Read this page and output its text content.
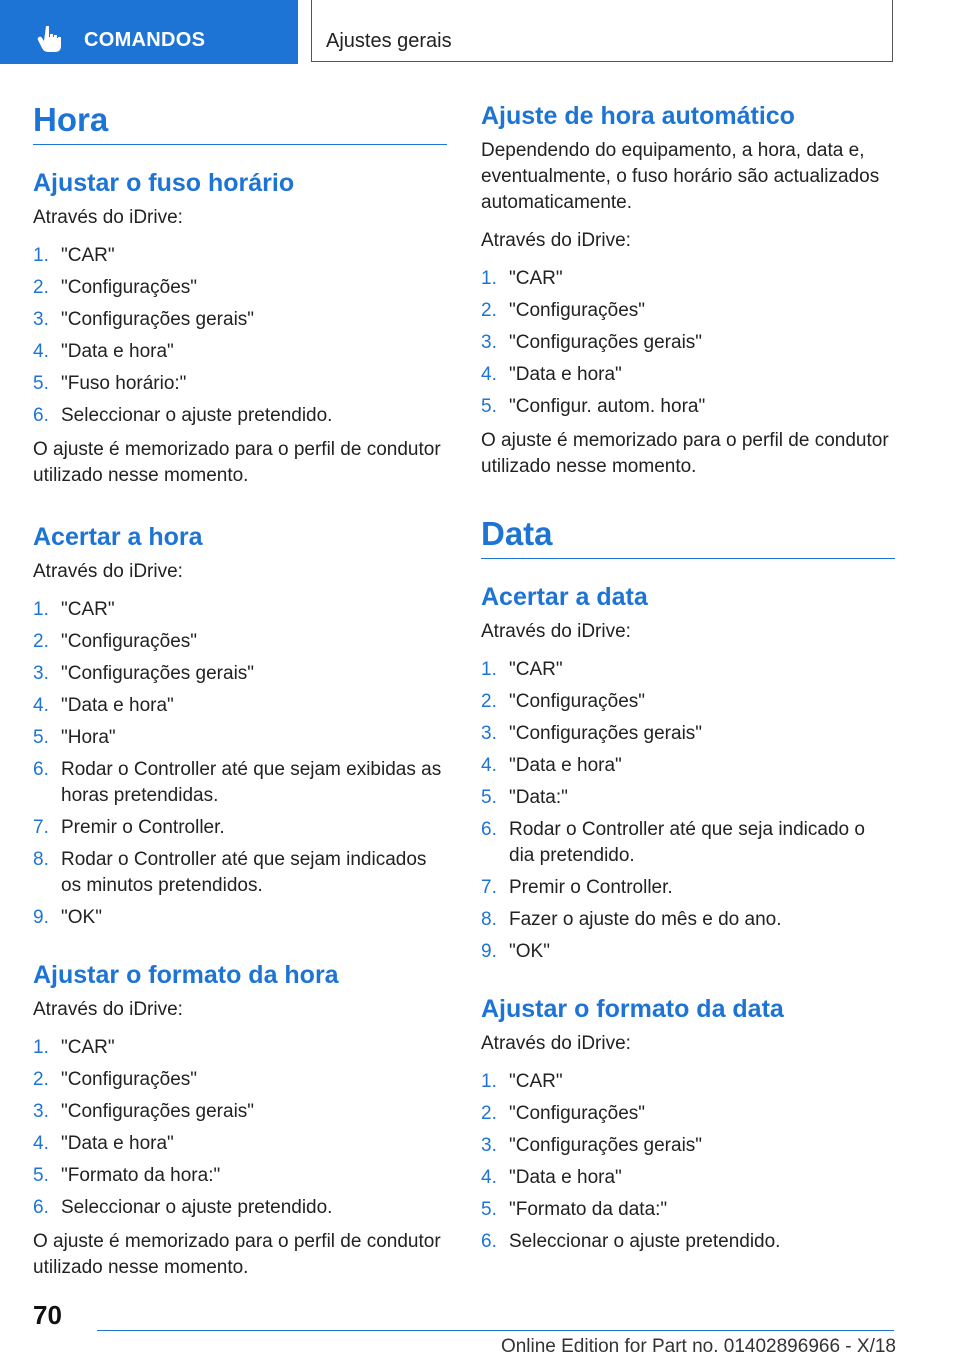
COMANDOS	Ajustes gerais
Hora
Ajustar o fuso horário
Através do iDrive:
1. "CAR"
2. "Configurações"
3. "Configurações gerais"
4. "Data e hora"
5. "Fuso horário:"
6. Seleccionar o ajuste pretendido.
O ajuste é memorizado para o perfil de condutor utilizado nesse momento.
Acertar a hora
Através do iDrive:
1. "CAR"
2. "Configurações"
3. "Configurações gerais"
4. "Data e hora"
5. "Hora"
6. Rodar o Controller até que sejam exibidas as horas pretendidas.
7. Premir o Controller.
8. Rodar o Controller até que sejam indicados os minutos pretendidos.
9. "OK"
Ajustar o formato da hora
Através do iDrive:
1. "CAR"
2. "Configurações"
3. "Configurações gerais"
4. "Data e hora"
5. "Formato da hora:"
6. Seleccionar o ajuste pretendido.
O ajuste é memorizado para o perfil de condutor utilizado nesse momento.
Ajuste de hora automático
Dependendo do equipamento, a hora, data e, eventualmente, o fuso horário são actualizados automaticamente.
Através do iDrive:
1. "CAR"
2. "Configurações"
3. "Configurações gerais"
4. "Data e hora"
5. "Configur. autom. hora"
O ajuste é memorizado para o perfil de condutor utilizado nesse momento.
Data
Acertar a data
Através do iDrive:
1. "CAR"
2. "Configurações"
3. "Configurações gerais"
4. "Data e hora"
5. "Data:"
6. Rodar o Controller até que seja indicado o dia pretendido.
7. Premir o Controller.
8. Fazer o ajuste do mês e do ano.
9. "OK"
Ajustar o formato da data
Através do iDrive:
1. "CAR"
2. "Configurações"
3. "Configurações gerais"
4. "Data e hora"
5. "Formato da data:"
6. Seleccionar o ajuste pretendido.
70
Online Edition for Part no. 01402896966 - X/18
